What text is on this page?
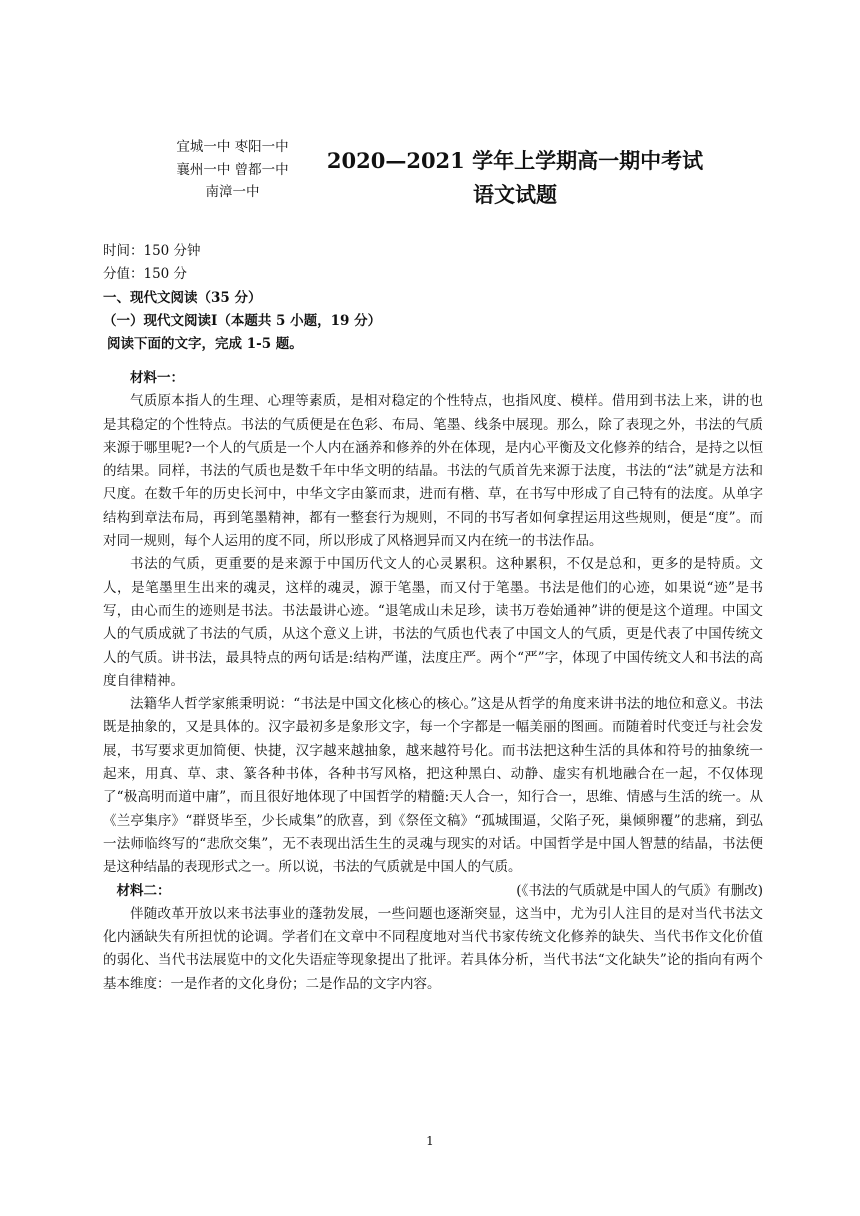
宜城一中 枣阳一中
襄州一中 曾都一中
南漳一中
2020—2021 学年上学期高一期中考试
语文试题
时间：150 分钟
分值：150 分
一、现代文阅读（35 分）
（一）现代文阅读Ⅰ（本题共 5 小题，19 分）
阅读下面的文字，完成 1-5 题。

材料一：

气质原本指人的生理、心理等素质，是相对稳定的个性特点，也指风度、模样。借用到书法上来，讲的也是其稳定的个性特点。书法的气质便是在色彩、布局、笔墨、线条中展现。那么，除了表现之外，书法的气质来源于哪里呢?一个人的气质是一个人内在涵养和修养的外在体现，是内心平衡及文化修养的结合，是持之以恒的结果。同样，书法的气质也是数千年中华文明的结晶。书法的气质首先来源于法度，书法的“法”就是方法和尺度。在数千年的历史长河中，中华文字由篆而隶，进而有楷、草，在书写中形成了自己特有的法度。从单字结构到章法布局，再到笔墨精神，都有一整套行为规则，不同的书写者如何拿捏运用这些规则，便是“度”。而对同一规则，每个人运用的度不同，所以形成了风格迥异而又内在统一的书法作品。

书法的气质，更重要的是来源于中国历代文人的心灵累积。这种累积，不仅是总和，更多的是特质。文人，是笔墨里生出来的魂灵，这样的魂灵，源于笔墨，而又付于笔墨。书法是他们的心迹，如果说“迹”是书写，由心而生的迹则是书法。书法最讲心迹。“退笔成山未足珍，读书万卷始通神”讲的便是这个道理。中国文人的气质成就了书法的气质，从这个意义上讲，书法的气质也代表了中国文人的气质，更是代表了中国传统文人的气质。讲书法，最具特点的两句话是:结构严谨，法度庄严。两个“严”字，体现了中国传统文人和书法的高度自律精神。

法籍华人哲学家熊秉明说：“书法是中国文化核心的核心。”这是从哲学的角度来讲书法的地位和意义。书法既是抽象的，又是具体的。汉字最初多是象形文字，每一个字都是一幅美丽的图画。而随着时代变迁与社会发展，书写要求更加简便、快捷，汉字越来越抽象，越来越符号化。而书法把这种生活的具体和符号的抽象统一起来，用真、草、隶、篆各种书体，各种书写风格，把这种黑白、动静、虚实有机地融合在一起，不仅体现了“极高明而道中庸”，而且很好地体现了中国哲学的精髓:天人合一，知行合一，思维、情感与生活的统一。从《兰亭集序》“群贤毕至，少长咸集”的欣喜，到《祭侄文稿》“孤城围逼，父陷子死，巢倾卵覆”的悲痛，到弘一法师临终写的“悲欣交集”，无不表现出活生生的灵魂与现实的对话。中国哲学是中国人智慧的结晶，书法便是这种结晶的表现形式之一。所以说，书法的气质就是中国人的气质。
(《书法的气质就是中国人的气质》有删改)

材料二：

伴随改革开放以来书法事业的蓬勃发展，一些问题也逐渐突显，这当中，尤为引人注目的是对当代书法文化内涵缺失有所担忧的论调。学者们在文章中不同程度地对当代书家传统文化修养的缺失、当代书作文化价值的弱化、当代书法展览中的文化失语症等现象提出了批评。若具体分析，当代书法“文化缺失”论的指向有两个基本维度：一是作者的文化身份；二是作品的文字内容。

1
